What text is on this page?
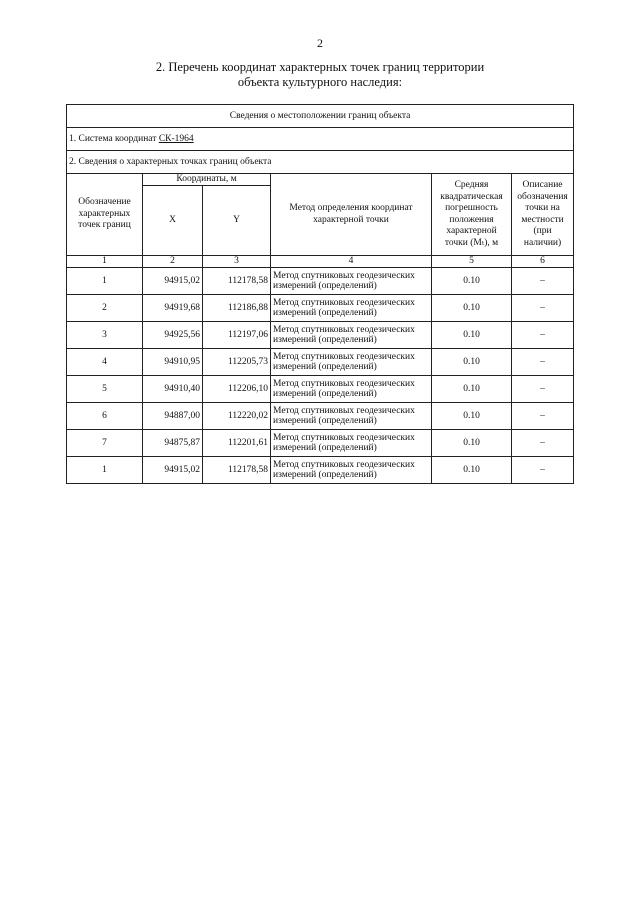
2
2. Перечень координат характерных точек границ территории
объекта культурного наследия:
Сведения о местоположении границ объекта					
1. Система координат СК-1964					
2. Сведения о характерных точках границ объекта					
Обозначение характерных точек границ	Координаты, м		Метод определения координат характерной точки	Средняя квадратическая погрешность положения характерной точки (Mₜ), м	Описание обозначения точки на местности (при наличии)
	X	Y			
1	2	3	4	5	6
1	94915,02	112178,58	Метод спутниковых геодезических измерений (определений)	0.10	–
2	94919,68	112186,88	Метод спутниковых геодезических измерений (определений)	0.10	–
3	94925,56	112197,06	Метод спутниковых геодезических измерений (определений)	0.10	–
4	94910,95	112205,73	Метод спутниковых геодезических измерений (определений)	0.10	–
5	94910,40	112206,10	Метод спутниковых геодезических измерений (определений)	0.10	–
6	94887,00	112220,02	Метод спутниковых геодезических измерений (определений)	0.10	–
7	94875,87	112201,61	Метод спутниковых геодезических измерений (определений)	0.10	–
1	94915,02	112178,58	Метод спутниковых геодезических измерений (определений)	0.10	–
